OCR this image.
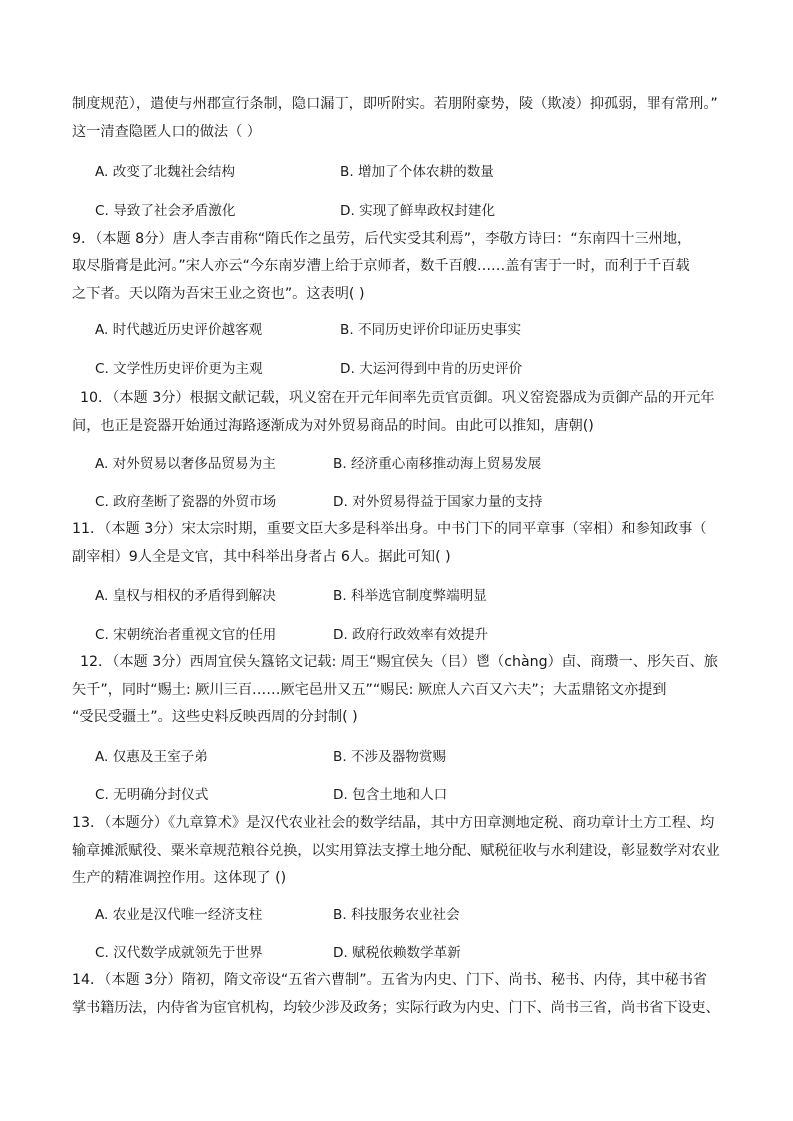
制度规范），遣使与州郡宣行条制，隐口漏丁，即听附实。若朋附豪势，陵（欺凌）抑孤弱，罪有常刑。”
这一清查隐匿人口的做法（ ）
A. 改变了北魏社会结构	B. 增加了个体农耕的数量
C. 导致了社会矛盾激化	D. 实现了鲜卑政权封建化
9．（本题 8分）唐人李吉甫称“隋氏作之虽劳，后代实受其利焉”，李敬方诗曰：“东南四十三州地，
取尽脂膏是此河。”宋人亦云“今东南岁漕上给于京师者，数千百艘……盖有害于一时，而利于千百载
之下者。天以隋为吾宋王业之资也”。这表明( )
A. 时代越近历史评价越客观	B. 不同历史评价印证历史事实
C. 文学性历史评价更为主观	D. 大运河得到中肯的历史评价
10．（本题 3分）根据文献记载，巩义窑在开元年间率先贡官贡御。巩义窑瓷器成为贡御产品的开元年
间，也正是瓷器开始通过海路逐渐成为对外贸易商品的时间。由此可以推知，唐朝()
A. 对外贸易以奢侈品贸易为主	B. 经济重心南移推动海上贸易发展
C. 政府垄断了瓷器的外贸市场	D. 对外贸易得益于国家力量的支持
11．（本题 3分）宋太宗时期，重要文臣大多是科举出身。中书门下的同平章事（宰相）和参知政事（
副宰相）9人全是文官，其中科举出身者占 6人。据此可知( )
A. 皇权与相权的矛盾得到解决	B. 科举选官制度弊端明显
C. 宋朝统治者重视文官的任用	D. 政府行政效率有效提升
12．（本题 3分）西周宜侯夨簋铭文记载: 周王“赐宜侯夨（㠯）鬯（chàng）卣、商瓒一、彤矢百、旅
矢千”，同时“赐土: 厥川三百……厥宅邑卅又五”“赐民: 厥庶人六百又六夫”；大盂鼎铭文亦提到
“受民受疆土”。这些史料反映西周的分封制( )
A. 仅惠及王室子弟	B. 不涉及器物赏赐
C. 无明确分封仪式	D. 包含土地和人口
13．（本题分）《九章算术》是汉代农业社会的数学结晶，其中方田章测地定税、商功章计土方工程、均
输章摊派赋役、粟米章规范粮谷兑换，以实用算法支撑土地分配、赋税征收与水利建设，彰显数学对农业
生产的精准调控作用。这体现了 ()
A. 农业是汉代唯一经济支柱	B. 科技服务农业社会
C. 汉代数学成就领先于世界	D. 赋税依赖数学革新
14．（本题 3分）隋初，隋文帝设“五省六曹制”。五省为内史、门下、尚书、秘书、内侍，其中秘书省
掌书籍历法，内侍省为宦官机构，均较少涉及政务；实际行政为内史、门下、尚书三省，尚书省下设吏、
